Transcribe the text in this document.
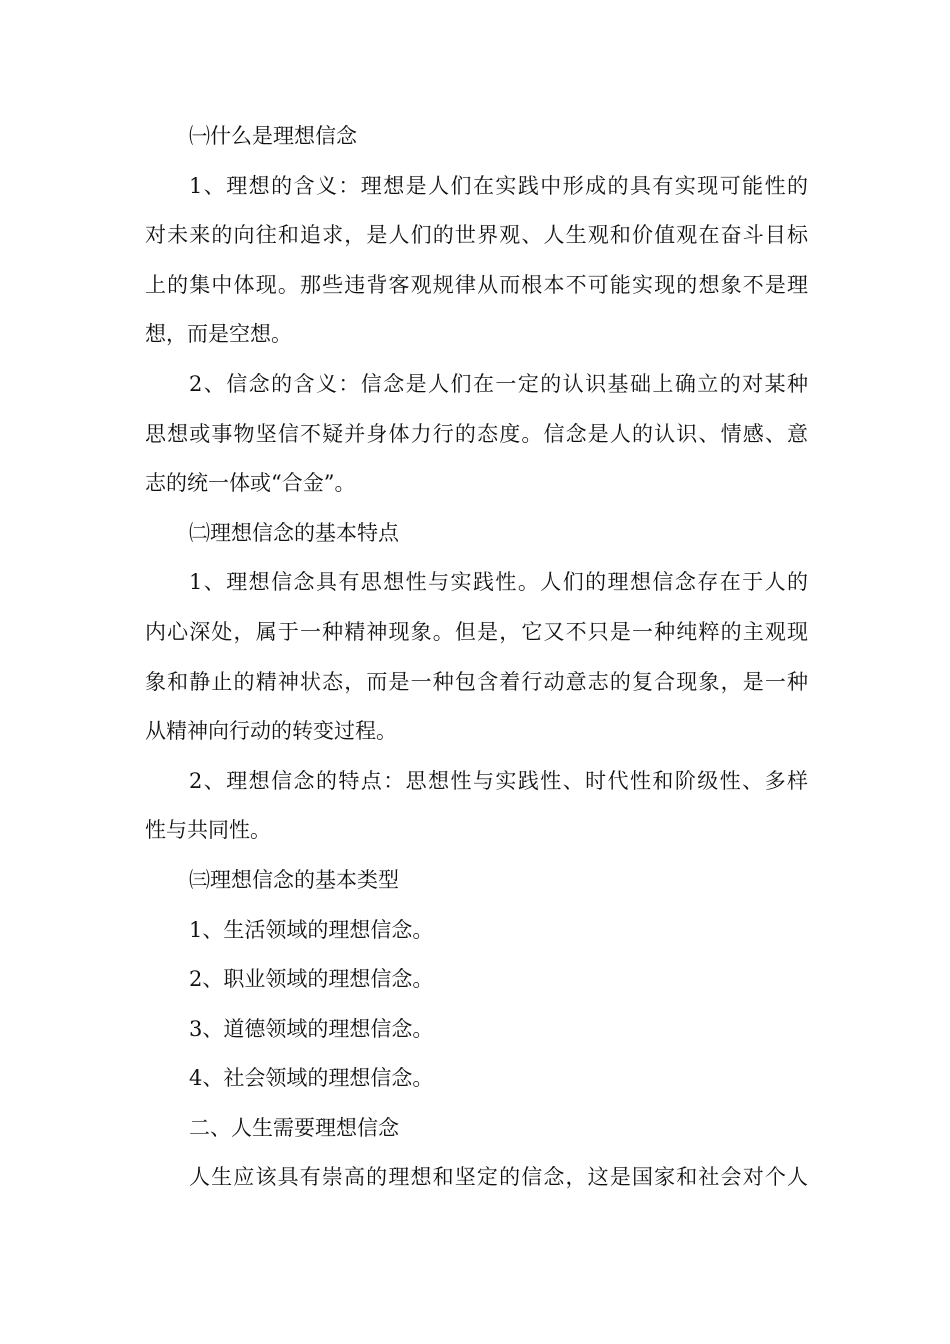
㈠什么是理想信念
1、理想的含义：理想是人们在实践中形成的具有实现可能性的
对未来的向往和追求，是人们的世界观、人生观和价值观在奋斗目标
上的集中体现。那些违背客观规律从而根本不可能实现的想象不是理
想，而是空想。
2、信念的含义：信念是人们在一定的认识基础上确立的对某种
思想或事物坚信不疑并身体力行的态度。信念是人的认识、情感、意
志的统一体或“合金”。
㈡理想信念的基本特点
1、理想信念具有思想性与实践性。人们的理想信念存在于人的
内心深处，属于一种精神现象。但是，它又不只是一种纯粹的主观现
象和静止的精神状态，而是一种包含着行动意志的复合现象，是一种
从精神向行动的转变过程。
2、理想信念的特点：思想性与实践性、时代性和阶级性、多样
性与共同性。
㈢理想信念的基本类型
1、生活领域的理想信念。
2、职业领域的理想信念。
3、道德领域的理想信念。
4、社会领域的理想信念。
二、人生需要理想信念
人生应该具有崇高的理想和坚定的信念，这是国家和社会对个人
